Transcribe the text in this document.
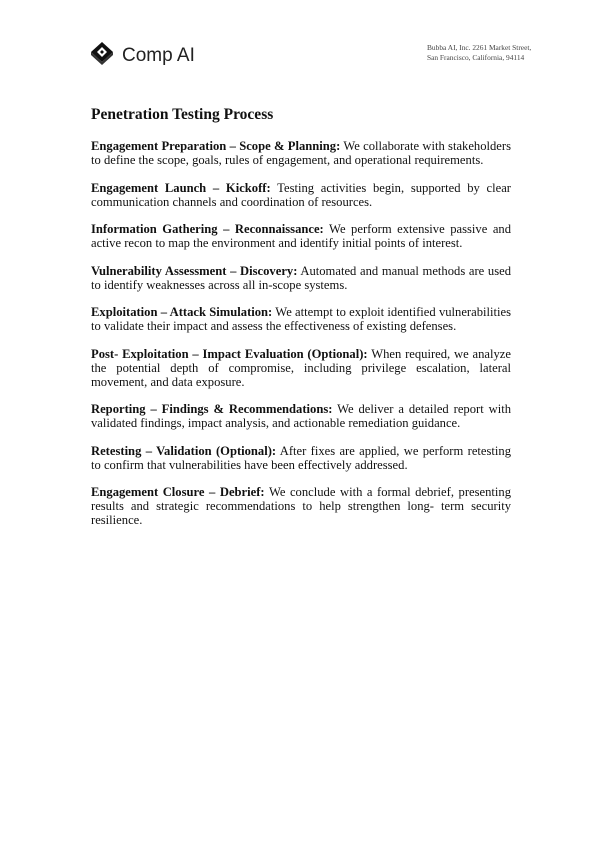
Comp AI	Bubba AI, Inc. 2261 Market Street,
San Francisco, California, 94114
Penetration Testing Process

Engagement Preparation – Scope & Planning: We collaborate with stakeholders to define the scope, goals, rules of engagement, and operational requirements.

Engagement Launch – Kickoff: Testing activities begin, supported by clear communication channels and coordination of resources.

Information Gathering – Reconnaissance: We perform extensive passive and active recon to map the environment and identify initial points of interest.

Vulnerability Assessment – Discovery: Automated and manual methods are used to identify weaknesses across all in-scope systems.

Exploitation – Attack Simulation: We attempt to exploit identified vulnerabilities to validate their impact and assess the effectiveness of existing defenses.

Post- Exploitation – Impact Evaluation (Optional): When required, we analyze the potential depth of compromise, including privilege escalation, lateral movement, and data exposure.

Reporting – Findings & Recommendations: We deliver a detailed report with validated findings, impact analysis, and actionable remediation guidance.

Retesting – Validation (Optional): After fixes are applied, we perform retesting to confirm that vulnerabilities have been effectively addressed.

Engagement Closure – Debrief: We conclude with a formal debrief, presenting results and strategic recommendations to help strengthen long- term security resilience.
